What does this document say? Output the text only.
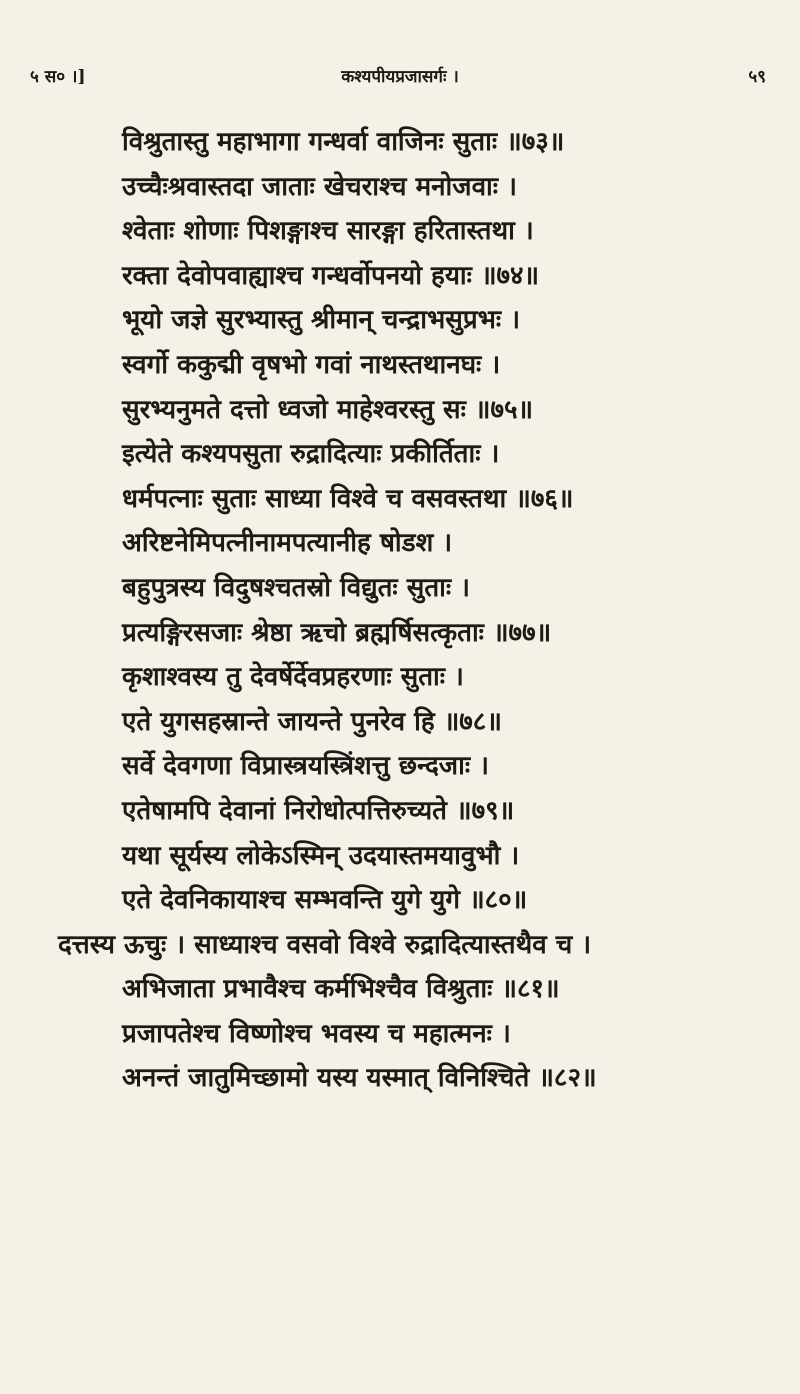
५ स० ।]	कश्यपीयप्रजासर्गः ।	५९
विश्रुतास्तु महाभागा गन्धर्वा वाजिनः सुताः ॥७३॥
उच्चैःश्रवास्तदा जाताः खेचराश्च मनोजवाः ।
श्वेताः शोणाः पिशङ्गाश्च सारङ्गा हरितास्तथा ।
रक्ता देवोपवाह्याश्च गन्धर्वोपनयो हयाः ॥७४॥
भूयो जज्ञे सुरभ्यास्तु श्रीमान् चन्द्राभसुप्रभः ।
स्वर्गो ककुद्मी वृषभो गवां नाथस्तथानघः ।
सुरभ्यनुमते दत्तो ध्वजो माहेश्वरस्तु सः ॥७५॥
इत्येते कश्यपसुता रुद्रादित्याः प्रकीर्तिताः ।
धर्मपत्नाः सुताः साध्या विश्वे च वसवस्तथा ॥७६॥
अरिष्टनेमिपत्नीनामपत्यानीह षोडश ।
बहुपुत्रस्य विदुषश्चतस्रो विद्युतः सुताः ।
प्रत्यङ्गिरसजाः श्रेष्ठा ऋचो ब्रह्मर्षिसत्कृताः ॥७७॥
कृशाश्वस्य तु देवर्षेर्देवप्रहरणाः सुताः ।
एते युगसहस्रान्ते जायन्ते पुनरेव हि ॥७८॥
सर्वे देवगणा विप्रास्त्रयस्त्रिंशत्तु छन्दजाः ।
एतेषामपि देवानां निरोधोत्पत्तिरुच्यते ॥७९॥
यथा सूर्यस्य लोकेऽस्मिन् उदयास्तमयावुभौ ।
एते देवनिकायाश्च सम्भवन्ति युगे युगे ॥८०॥
दत्तस्य ऊचुः । साध्याश्च वसवो विश्वे रुद्रादित्यास्तथैव च ।
अभिजाता प्रभावैश्च कर्मभिश्चैव विश्रुताः ॥८१॥
प्रजापतेश्च विष्णोश्च भवस्य च महात्मनः ।
अनन्तं जातुमिच्छामो यस्य यस्मात् विनिश्चिते ॥८२॥
